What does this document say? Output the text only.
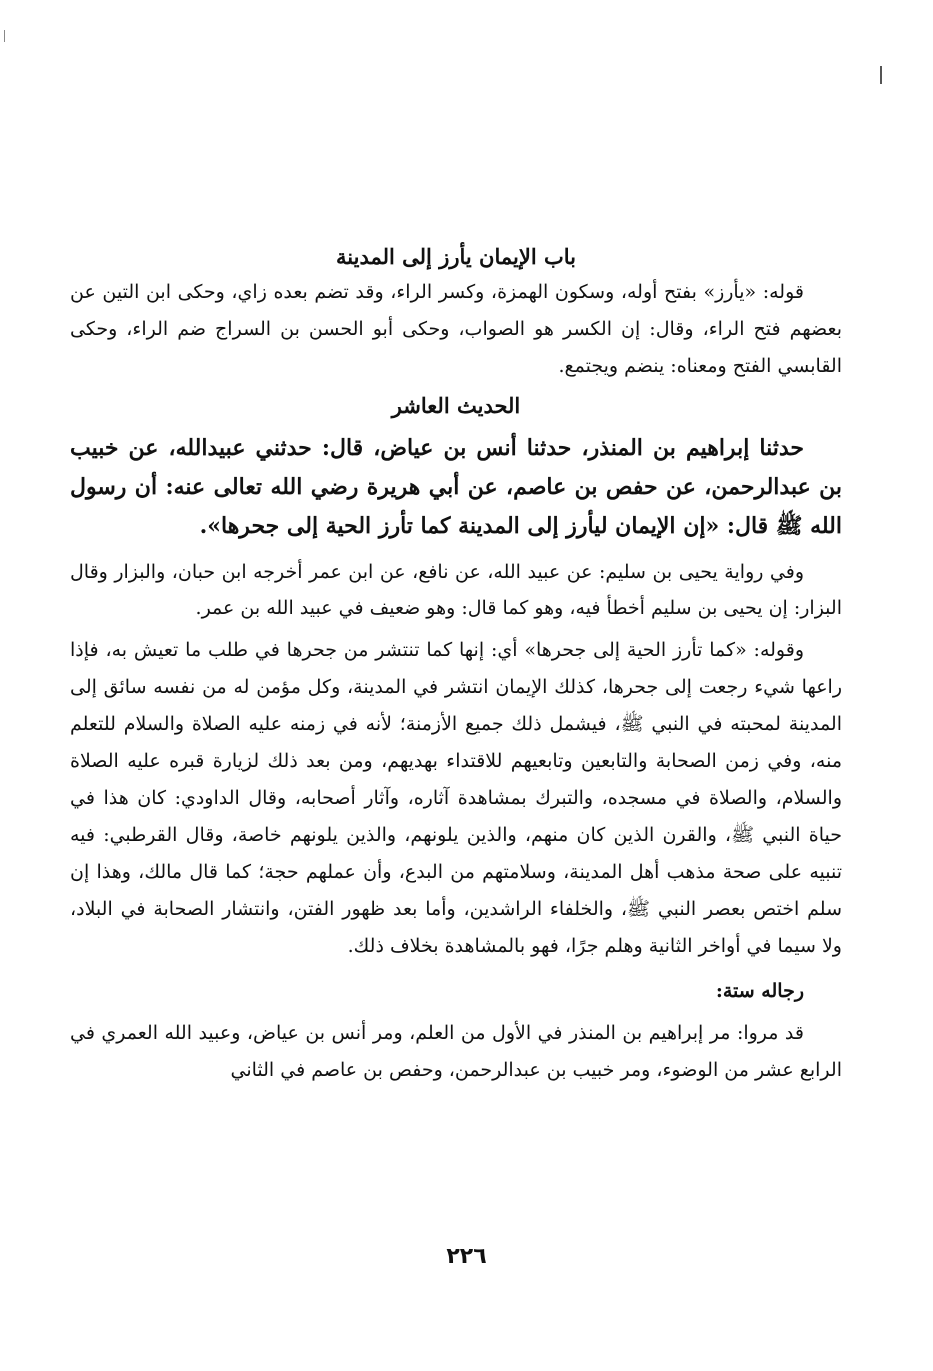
باب الإيمان يأرز إلى المدينة

قوله: «يأرز» بفتح أوله، وسكون الهمزة، وكسر الراء، وقد تضم بعده زاي، وحكى ابن التين عن بعضهم فتح الراء، وقال: إن الكسر هو الصواب، وحكى أبو الحسن بن السراج ضم الراء، وحكى القابسي الفتح ومعناه: ينضم ويجتمع.

الحديث العاشر

حدثنا إبراهيم بن المنذر، حدثنا أنس بن عياض، قال: حدثني عبيدالله، عن خبيب بن عبدالرحمن، عن حفص بن عاصم، عن أبي هريرة رضي الله تعالى عنه: أن رسول الله ﷺ قال: «إن الإيمان ليأرز إلى المدينة كما تأرز الحية إلى جحرها».

وفي رواية يحيى بن سليم: عن عبيد الله، عن نافع، عن ابن عمر أخرجه ابن حبان، والبزار وقال البزار: إن يحيى بن سليم أخطأ فيه، وهو كما قال: وهو ضعيف في عبيد الله بن عمر.

وقوله: «كما تأرز الحية إلى جحرها» أي: إنها كما تنتشر من جحرها في طلب ما تعيش به، فإذا راعها شيء رجعت إلى جحرها، كذلك الإيمان انتشر في المدينة، وكل مؤمن له من نفسه سائق إلى المدينة لمحبته في النبي ﷺ، فيشمل ذلك جميع الأزمنة؛ لأنه في زمنه عليه الصلاة والسلام للتعلم منه، وفي زمن الصحابة والتابعين وتابعيهم للاقتداء بهديهم، ومن بعد ذلك لزيارة قبره عليه الصلاة والسلام، والصلاة في مسجده، والتبرك بمشاهدة آثاره، وآثار أصحابه، وقال الداودي: كان هذا في حياة النبي ﷺ، والقرن الذين كان منهم، والذين يلونهم، والذين يلونهم خاصة، وقال القرطبي: فيه تنبيه على صحة مذهب أهل المدينة، وسلامتهم من البدع، وأن عملهم حجة؛ كما قال مالك، وهذا إن سلم اختص بعصر النبي ﷺ، والخلفاء الراشدين، وأما بعد ظهور الفتن، وانتشار الصحابة في البلاد، ولا سيما في أواخر الثانية وهلم جرًا، فهو بالمشاهدة بخلاف ذلك.

رجاله ستة:

قد مروا: مر إبراهيم بن المنذر في الأول من العلم، ومر أنس بن عياض، وعبيد الله العمري في الرابع عشر من الوضوء، ومر خبيب بن عبدالرحمن، وحفص بن عاصم في الثاني

٢٢٦
